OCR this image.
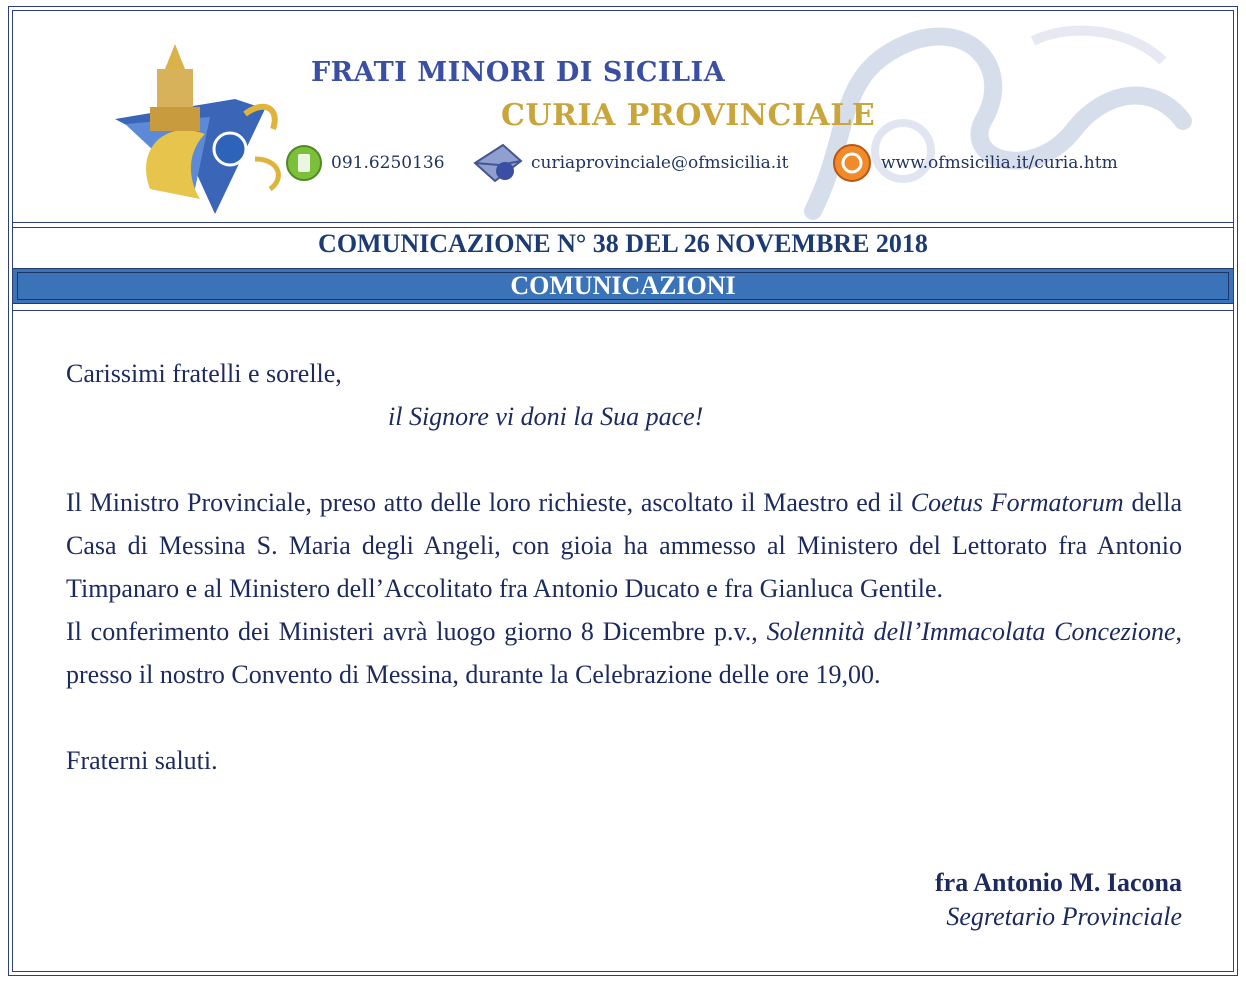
FRATI MINORI DI SICILIA
CURIA PROVINCIALE
091.6250136	curiaprovinciale@ofmsicilia.it	www.ofmsicilia.it/curia.htm
COMUNICAZIONE N° 38 DEL 26 NOVEMBRE 2018
COMUNICAZIONI

Carissimi fratelli e sorelle,

il Signore vi doni la Sua pace!

Il Ministro Provinciale, preso atto delle loro richieste, ascoltato il Maestro ed il Coetus Formatorum della Casa di Messina S. Maria degli Angeli, con gioia ha ammesso al Ministero del Lettorato fra Antonio Timpanaro e al Ministero dell’Accolitato fra Antonio Ducato e fra Gianluca Gentile.

Il conferimento dei Ministeri avrà luogo giorno 8 Dicembre p.v., Solennità dell’Immacolata Concezione, presso il nostro Convento di Messina, durante la Celebrazione delle ore 19,00.

Fraterni saluti.

fra Antonio M. Iacona
Segretario Provinciale
